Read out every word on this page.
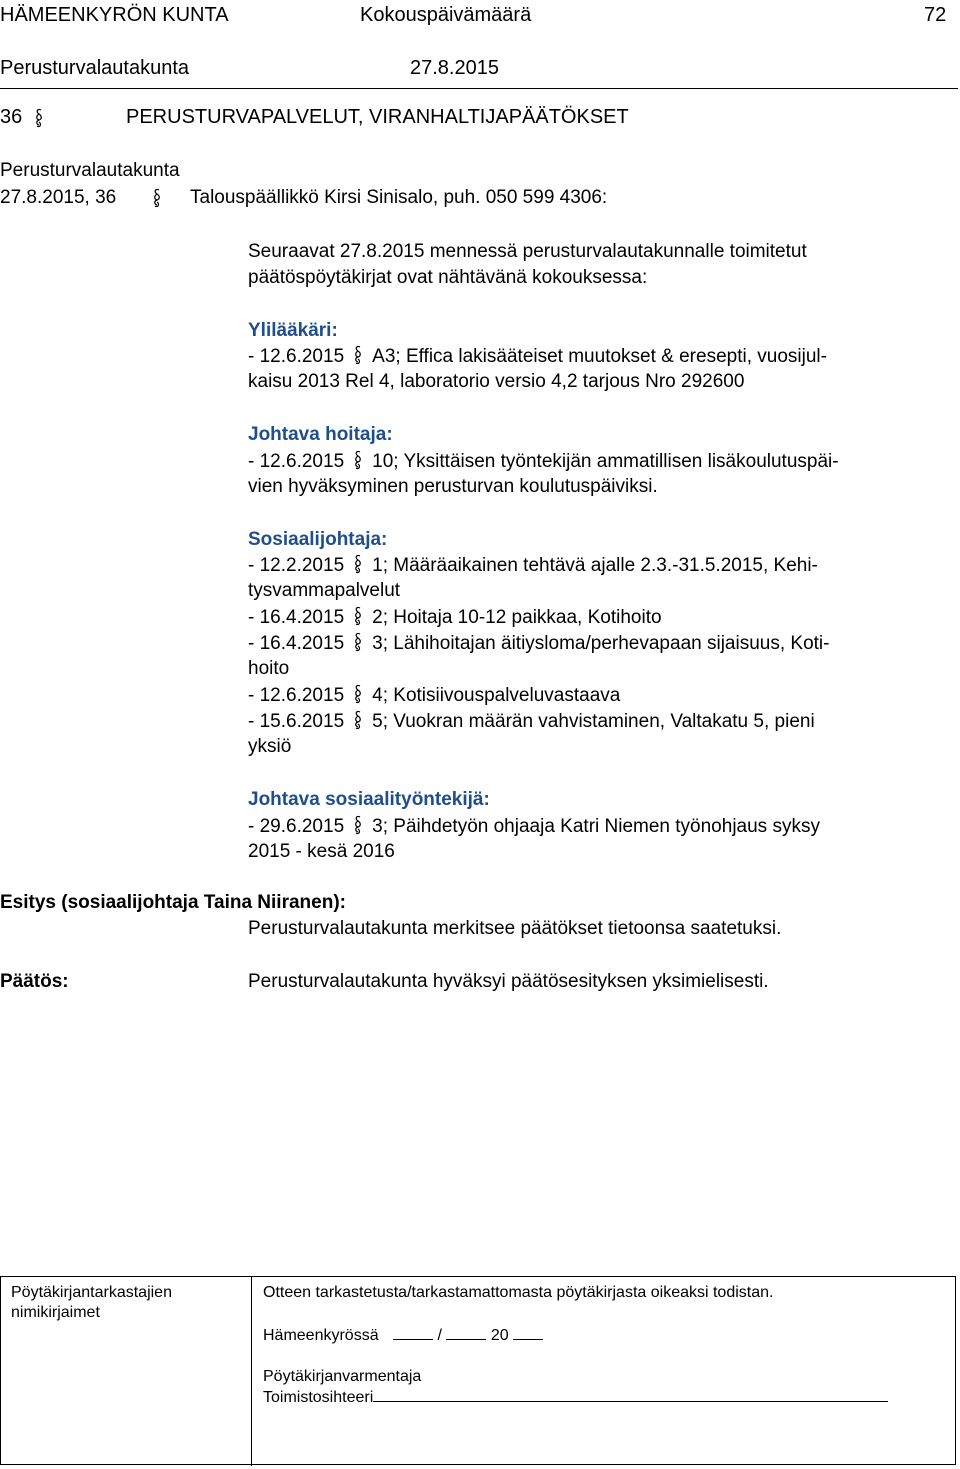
HÄMEENKYRÖN KUNTA	Kokouspäivämäärä	72
Perusturvalautakunta	27.8.2015
36	PERUSTURVAPALVELUT, VIRANHALTIJAPÄÄTÖKSET
Perusturvalautakunta
27.8.2015, 36	Talouspäällikkö Kirsi Sinisalo, puh. 050 599 4306:
Seuraavat 27.8.2015 mennessä perusturvalautakunnalle toimitetut
päätöspöytäkirjat ovat nähtävänä kokouksessa:
Ylilääkäri:
- 12.6.2015 A3; Effica lakisääteiset muutokset & eresepti, vuosijul-
kaisu 2013 Rel 4, laboratorio versio 4,2 tarjous Nro 292600
Johtava hoitaja:
- 12.6.2015 10; Yksittäisen työntekijän ammatillisen lisäkoulutuspäi-
vien hyväksyminen perusturvan koulutuspäiviksi.
Sosiaalijohtaja:
- 12.2.2015 1; Määräaikainen tehtävä ajalle 2.3.-31.5.2015, Kehi-
tysvammapalvelut
- 16.4.2015 2; Hoitaja 10-12 paikkaa, Kotihoito
- 16.4.2015 3; Lähihoitajan äitiysloma/perhevapaan sijaisuus, Koti-
hoito
- 12.6.2015 4; Kotisiivouspalveluvastaava
- 15.6.2015 5; Vuokran määrän vahvistaminen, Valtakatu 5, pieni
yksiö
Johtava sosiaalityöntekijä:
- 29.6.2015 3; Päihdetyön ohjaaja Katri Niemen työnohjaus syksy
2015 - kesä 2016
Esitys (sosiaalijohtaja Taina Niiranen):
Perusturvalautakunta merkitsee päätökset tietoonsa saatetuksi.
Päätös:	Perusturvalautakunta hyväksyi päätösesityksen yksimielisesti.
Pöytäkirjantarkastajien
nimikirjaimet
Otteen tarkastetusta/tarkastamattomasta pöytäkirjasta oikeaksi todistan.
Hämeenkyrössä	/	20
Pöytäkirjanvarmentaja
Toimistosihteeri
